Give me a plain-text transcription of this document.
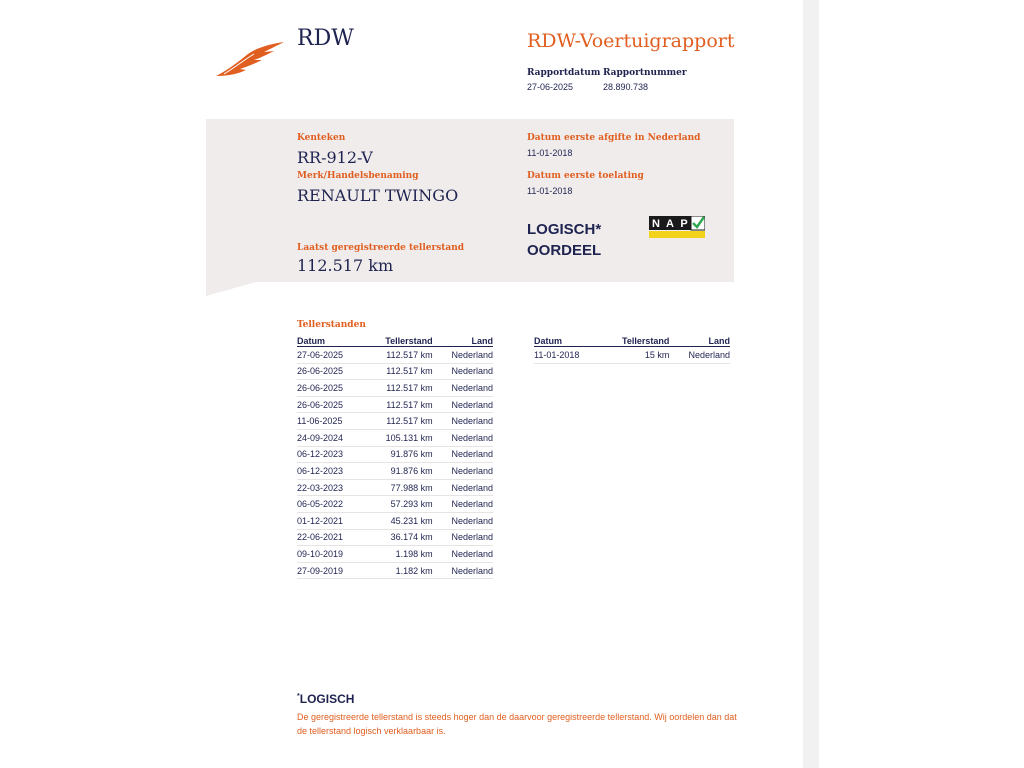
RDW	RDW-Voertuigrapport
Rapportdatum
27-06-2025
Rapportnummer
28.890.738
Kenteken
RR-912-V
Merk/Handelsbenaming
RENAULT TWINGO
Laatst geregistreerde tellerstand
112.517 km
Datum eerste afgifte in Nederland
11-01-2018
Datum eerste toelating
11-01-2018
LOGISCH*
OORDEEL
N A P
Tellerstanden
Datum	Tellerstand	Land
27-06-2025	112.517 km	Nederland
26-06-2025	112.517 km	Nederland
26-06-2025	112.517 km	Nederland
26-06-2025	112.517 km	Nederland
11-06-2025	112.517 km	Nederland
24-09-2024	105.131 km	Nederland
06-12-2023	91.876 km	Nederland
06-12-2023	91.876 km	Nederland
22-03-2023	77.988 km	Nederland
06-05-2022	57.293 km	Nederland
01-12-2021	45.231 km	Nederland
22-06-2021	36.174 km	Nederland
09-10-2019	1.198 km	Nederland
27-09-2019	1.182 km	Nederland
Datum	Tellerstand	Land
11-01-2018	15 km	Nederland
*LOGISCH
De geregistreerde tellerstand is steeds hoger dan de daarvoor geregistreerde tellerstand. Wij oordelen dan dat de tellerstand logisch verklaarbaar is.
